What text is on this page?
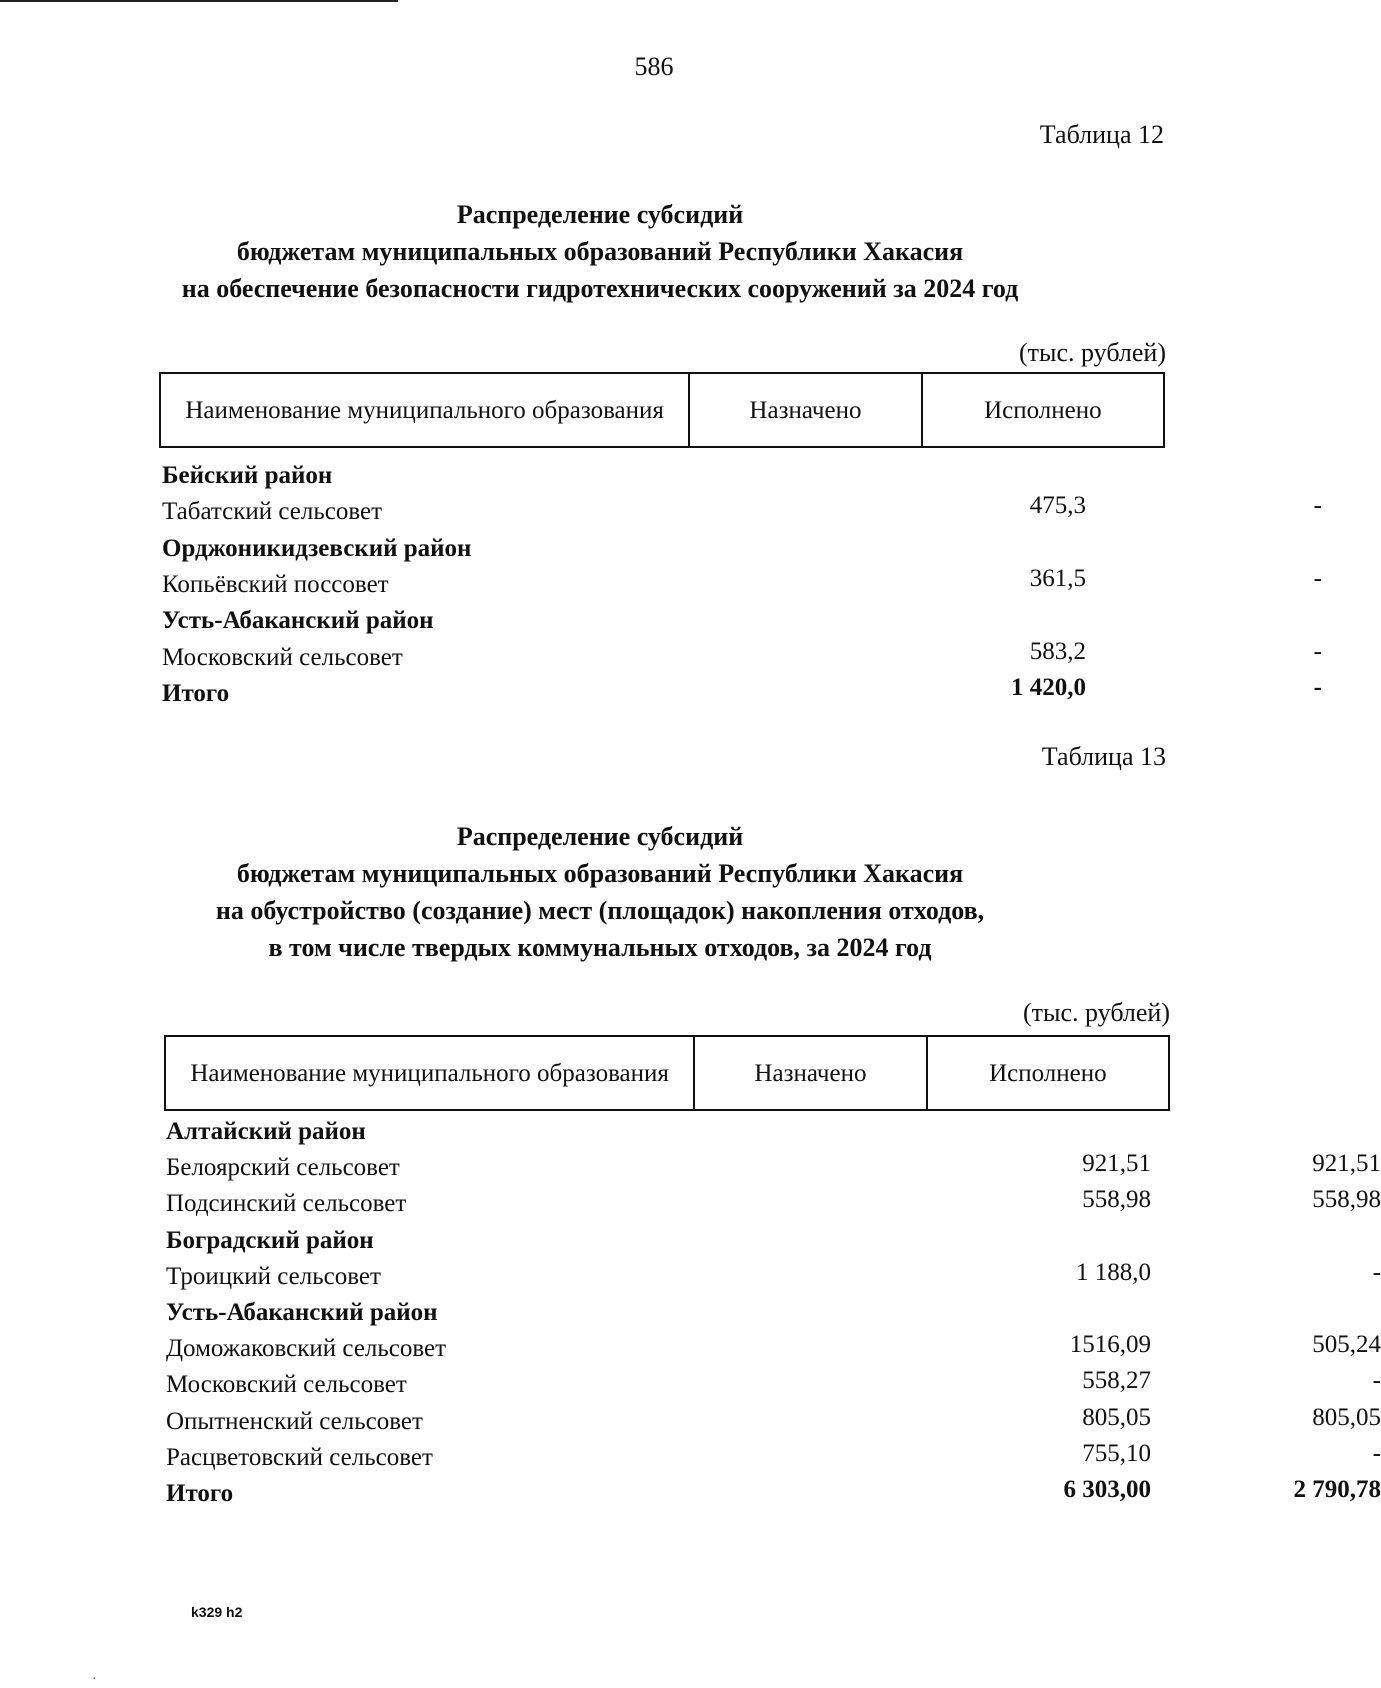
586
Таблица 12
Распределение субсидий
бюджетам муниципальных образований Республики Хакасия
на обеспечение безопасности гидротехнических сооружений за 2024 год
(тыс. рублей)
Наименование муниципального образования	Назначено	Исполнено
Бейский район
Табатский сельсовет	475,3	-
Орджоникидзевский район
Копьёвский поссовет	361,5	-
Усть-Абаканский район
Московский сельсовет	583,2	-
Итого	1 420,0	-
Таблица 13
Распределение субсидий
бюджетам муниципальных образований Республики Хакасия
на обустройство (создание) мест (площадок) накопления отходов,
в том числе твердых коммунальных отходов, за 2024 год
(тыс. рублей)
Наименование муниципального образования	Назначено	Исполнено
Алтайский район
Белоярский сельсовет	921,51	921,51
Подсинский сельсовет	558,98	558,98
Боградский район
Троицкий сельсовет	1 188,0	-
Усть-Абаканский район
Доможаковский сельсовет	1516,09	505,24
Московский сельсовет	558,27	-
Опытненский сельсовет	805,05	805,05
Расцветовский сельсовет	755,10	-
Итого	6 303,00	2 790,78
k329 h2
·
